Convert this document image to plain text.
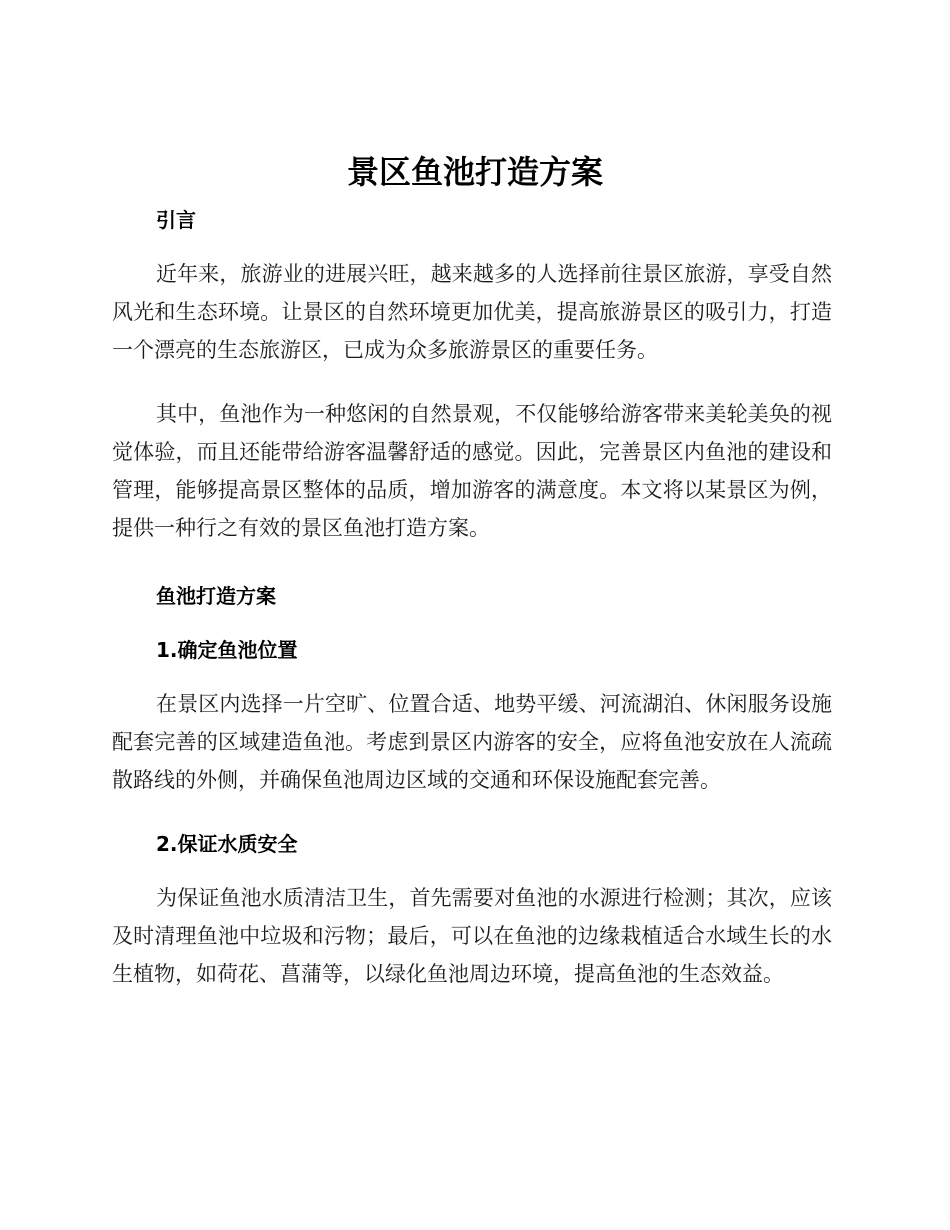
景区鱼池打造方案
引言

近年来，旅游业的进展兴旺，越来越多的人选择前往景区旅游，享受自然风光和生态环境。让景区的自然环境更加优美，提高旅游景区的吸引力，打造一个漂亮的生态旅游区，已成为众多旅游景区的重要任务。

其中，鱼池作为一种悠闲的自然景观，不仅能够给游客带来美轮美奂的视觉体验，而且还能带给游客温馨舒适的感觉。因此，完善景区内鱼池的建设和管理，能够提高景区整体的品质，增加游客的满意度。本文将以某景区为例，提供一种行之有效的景区鱼池打造方案。

鱼池打造方案
1.确定鱼池位置

在景区内选择一片空旷、位置合适、地势平缓、河流湖泊、休闲服务设施配套完善的区域建造鱼池。考虑到景区内游客的安全，应将鱼池安放在人流疏散路线的外侧，并确保鱼池周边区域的交通和环保设施配套完善。

2.保证水质安全

为保证鱼池水质清洁卫生，首先需要对鱼池的水源进行检测；其次，应该及时清理鱼池中垃圾和污物；最后，可以在鱼池的边缘栽植适合水域生长的水生植物，如荷花、菖蒲等，以绿化鱼池周边环境，提高鱼池的生态效益。
